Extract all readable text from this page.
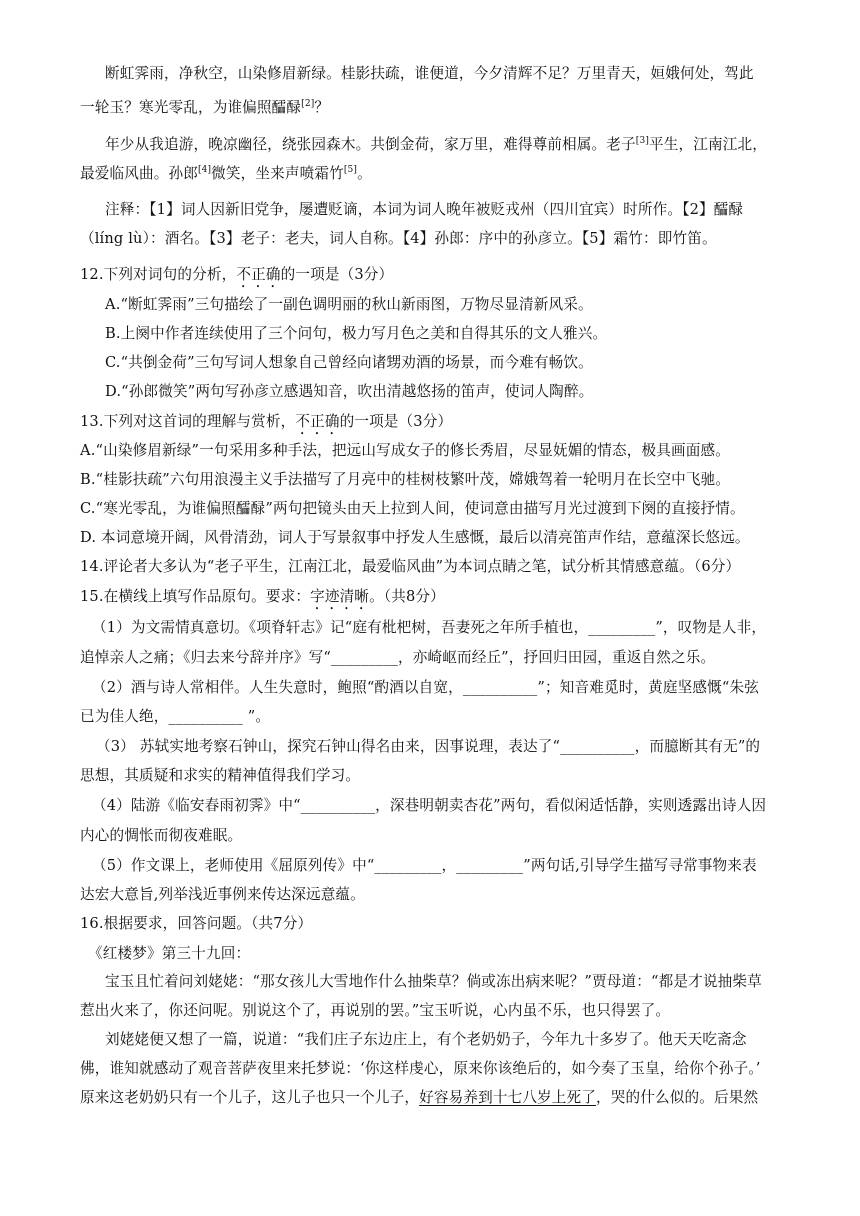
断虹霁雨，净秋空，山染修眉新绿。桂影扶疏，谁便道，今夕清辉不足？万里青天，姮娥何处，驾此
一轮玉？寒光零乱，为谁偏照醽醁[2]？
年少从我追游，晚凉幽径，绕张园森木。共倒金荷，家万里，难得尊前相属。老子[3]平生，江南江北，
最爱临风曲。孙郎[4]微笑，坐来声喷霜竹[5]。
注释：【1】词人因新旧党争，屡遭贬谪，本词为词人晚年被贬戎州（四川宜宾）时所作。【2】醽醁
（líng lù）：酒名。【3】老子：老夫，词人自称。【4】孙郎：序中的孙彦立。【5】霜竹：即竹笛。
12.下列对词句的分析，不正确的一项是（3分）
A.“断虹霁雨”三句描绘了一副色调明丽的秋山新雨图，万物尽显清新风采。
B.上阕中作者连续使用了三个问句，极力写月色之美和自得其乐的文人雅兴。
C.“共倒金荷”三句写词人想象自己曾经向诸甥劝酒的场景，而今难有畅饮。
D.“孙郎微笑”两句写孙彦立感遇知音，吹出清越悠扬的笛声，使词人陶醉。
13.下列对这首词的理解与赏析，不正确的一项是（3分）
A.“山染修眉新绿”一句采用多种手法，把远山写成女子的修长秀眉，尽显妩媚的情态，极具画面感。
B.“桂影扶疏”六句用浪漫主义手法描写了月亮中的桂树枝繁叶茂，嫦娥驾着一轮明月在长空中飞驰。
C.“寒光零乱，为谁偏照醽醁”两句把镜头由天上拉到人间，使词意由描写月光过渡到下阕的直接抒情。
D. 本词意境开阔，风骨清劲，词人于写景叙事中抒发人生感慨，最后以清亮笛声作结，意蕴深长悠远。
14.评论者大多认为“老子平生，江南江北，最爱临风曲”为本词点睛之笔，试分析其情感意蕴。（6分）
15.在横线上填写作品原句。要求：字迹清晰。（共8分）
（1）为文需情真意切。《项脊轩志》记“庭有枇杷树，吾妻死之年所手植也，_________”，叹物是人非，
追悼亲人之痛；《归去来兮辞并序》写“_________，亦崎岖而经丘”，抒回归田园，重返自然之乐。
（2）酒与诗人常相伴。人生失意时，鲍照“酌酒以自宽，__________”；知音难觅时，黄庭坚感慨“朱弦
已为佳人绝，__________ ”。
（3） 苏轼实地考察石钟山，探究石钟山得名由来，因事说理，表达了“__________，而臆断其有无”的
思想，其质疑和求实的精神值得我们学习。
（4）陆游《临安春雨初霁》中“__________，深巷明朝卖杏花”两句，看似闲适恬静，实则透露出诗人因
内心的惆怅而彻夜难眠。
（5）作文课上，老师使用《屈原列传》中“_________，_________”两句话,引导学生描写寻常事物来表
达宏大意旨,列举浅近事例来传达深远意蕴。
16.根据要求，回答问题。（共7分）
《红楼梦》第三十九回：
宝玉且忙着问刘姥姥：“那女孩儿大雪地作什么抽柴草？倘或冻出病来呢？”贾母道：“都是才说抽柴草
惹出火来了，你还问呢。别说这个了，再说别的罢。”宝玉听说，心内虽不乐，也只得罢了。
刘姥姥便又想了一篇，说道：“我们庄子东边庄上，有个老奶奶子，今年九十多岁了。他天天吃斋念
佛，谁知就感动了观音菩萨夜里来托梦说：‘你这样虔心，原来你该绝后的，如今奏了玉皇，给你个孙子。’
原来这老奶奶只有一个儿子，这儿子也只一个儿子，好容易养到十七八岁上死了，哭的什么似的。后果然
